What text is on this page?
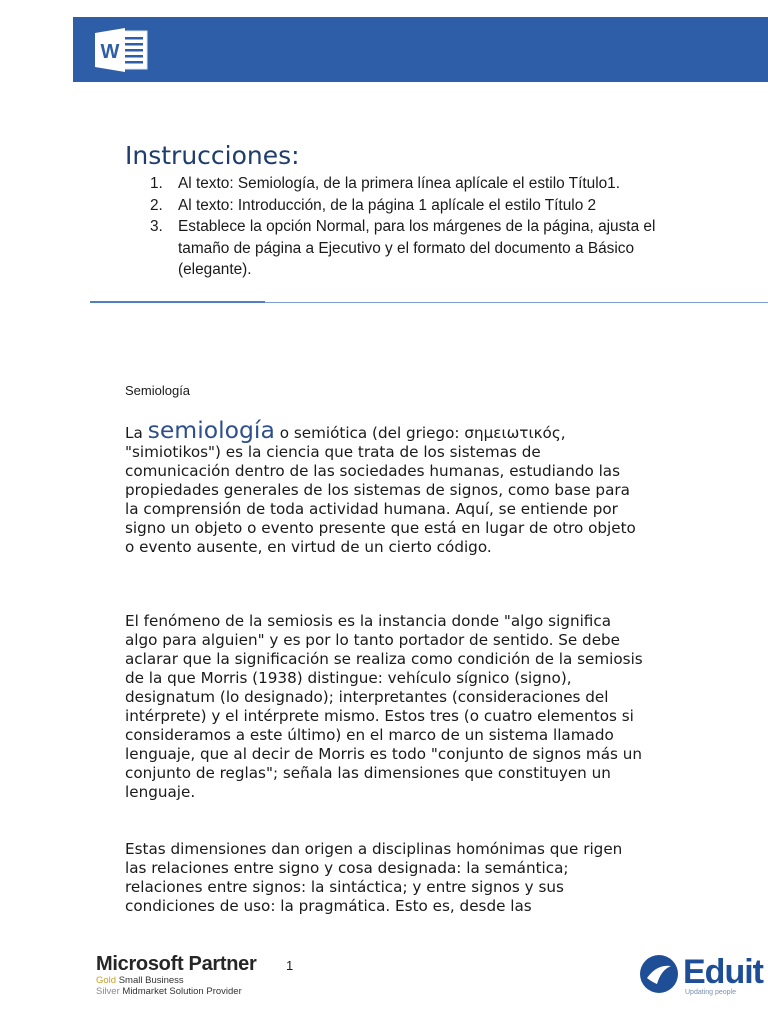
W
Instrucciones:
1. Al texto: Semiología, de la primera línea aplícale el estilo Título1.
2. Al texto: Introducción, de la página 1 aplícale el estilo Título 2
3. Establece la opción Normal, para los márgenes de la página, ajusta el tamaño de página a Ejecutivo y el formato del documento a Básico (elegante).
Semiología

La semiología o semiótica (del griego: σημειωτικός,
"simiotikos") es la ciencia que trata de los sistemas de comunicación dentro de las sociedades humanas, estudiando las propiedades generales de los sistemas de signos, como base para la comprensión de toda actividad humana. Aquí, se entiende por signo un objeto o evento presente que está en lugar de otro objeto o evento ausente, en virtud de un cierto código.

El fenómeno de la semiosis es la instancia donde "algo significa algo para alguien" y es por lo tanto portador de sentido. Se debe aclarar que la significación se realiza como condición de la semiosis de la que Morris (1938) distingue: vehículo sígnico (signo), designatum (lo designado); interpretantes (consideraciones del intérprete) y el intérprete mismo. Estos tres (o cuatro elementos si consideramos a este último) en el marco de un sistema llamado lenguaje, que al decir de Morris es todo "conjunto de signos más un conjunto de reglas"; señala las dimensiones que constituyen un lenguaje.

Estas dimensiones dan origen a disciplinas homónimas que rigen las relaciones entre signo y cosa designada: la semántica; relaciones entre signos: la sintáctica; y entre signos y sus condiciones de uso: la pragmática. Esto es, desde las

Microsoft Partner
Gold Small Business
Silver Midmarket Solution Provider
1	Eduit
Updating people
